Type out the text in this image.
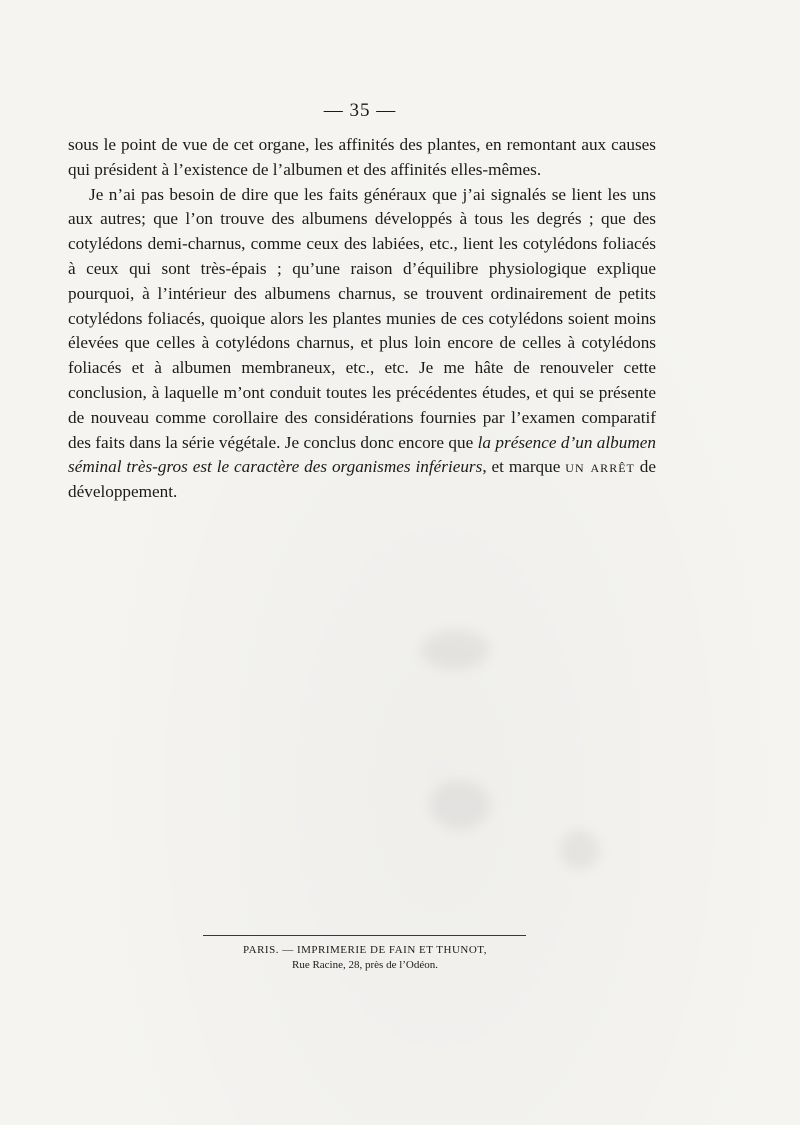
— 35 —

sous le point de vue de cet organe, les affinités des plantes, en remontant aux causes qui président à l’existence de l’albumen et des affinités elles-mêmes.

Je n’ai pas besoin de dire que les faits généraux que j’ai signalés se lient les uns aux autres; que l’on trouve des albumens développés à tous les degrés ; que des cotylédons demi-charnus, comme ceux des labiées, etc., lient les cotylédons foliacés à ceux qui sont très-épais ; qu’une raison d’équilibre physiologique explique pourquoi, à l’intérieur des albumens charnus, se trouvent ordinairement de petits cotylédons foliacés, quoique alors les plantes munies de ces cotylédons soient moins élevées que celles à cotylédons charnus, et plus loin encore de celles à cotylédons foliacés et à albumen membraneux, etc., etc. Je me hâte de renouveler cette conclusion, à laquelle m’ont conduit toutes les précédentes études, et qui se présente de nouveau comme corollaire des considérations fournies par l’examen comparatif des faits dans la série végétale. Je conclus donc encore que la présence d’un albumen séminal très-gros est le caractère des organismes inférieurs, et marque un arrêt de développement.

PARIS. — IMPRIMERIE DE FAIN ET THUNOT,
Rue Racine, 28, près de l’Odéon.
